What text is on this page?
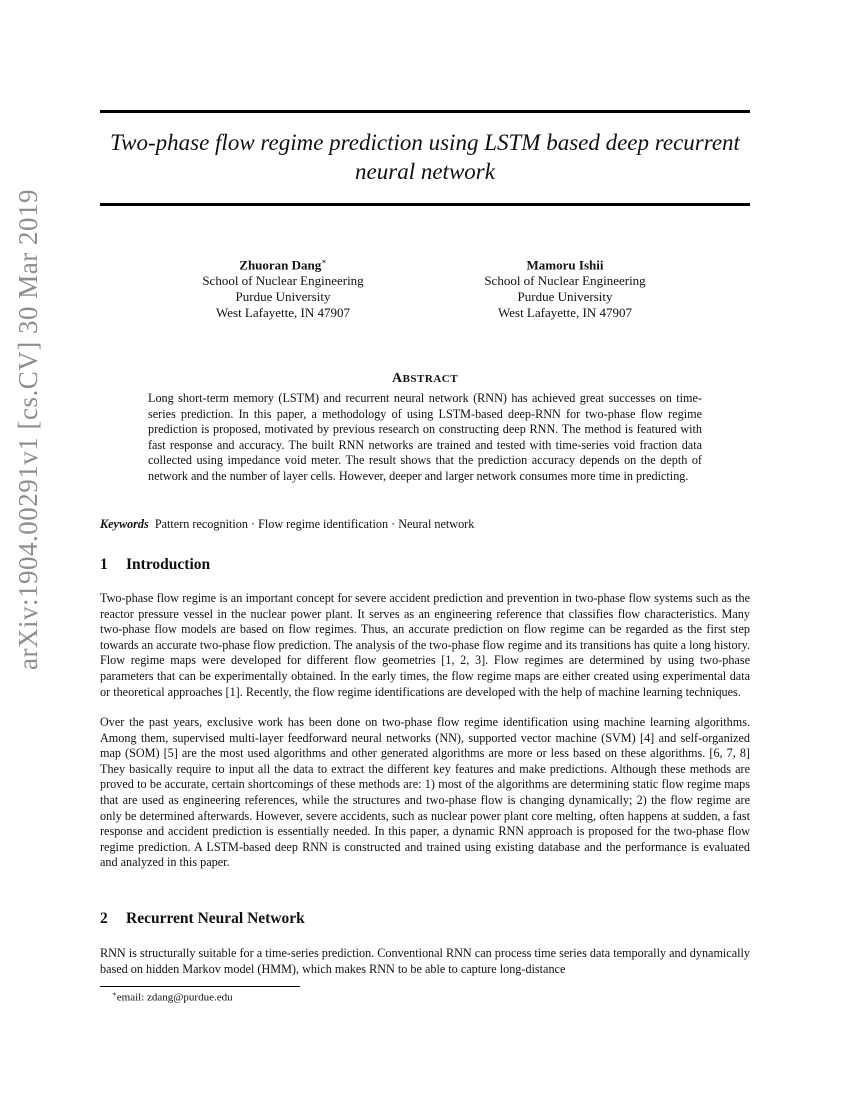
arXiv:1904.00291v1 [cs.CV] 30 Mar 2019
Two-phase flow regime prediction using LSTM based deep recurrent neural network
Zhuoran Dang∗
School of Nuclear Engineering
Purdue University
West Lafayette, IN 47907
Mamoru Ishii
School of Nuclear Engineering
Purdue University
West Lafayette, IN 47907
ABSTRACT
Long short-term memory (LSTM) and recurrent neural network (RNN) has achieved great successes on time-series prediction. In this paper, a methodology of using LSTM-based deep-RNN for two-phase flow regime prediction is proposed, motivated by previous research on constructing deep RNN. The method is featured with fast response and accuracy. The built RNN networks are trained and tested with time-series void fraction data collected using impedance void meter. The result shows that the prediction accuracy depends on the depth of network and the number of layer cells. However, deeper and larger network consumes more time in predicting.
Keywords Pattern recognition · Flow regime identification · Neural network
1 Introduction
Two-phase flow regime is an important concept for severe accident prediction and prevention in two-phase flow systems such as the reactor pressure vessel in the nuclear power plant. It serves as an engineering reference that classifies flow characteristics. Many two-phase flow models are based on flow regimes. Thus, an accurate prediction on flow regime can be regarded as the first step towards an accurate two-phase flow prediction. The analysis of the two-phase flow regime and its transitions has quite a long history. Flow regime maps were developed for different flow geometries [1, 2, 3]. Flow regimes are determined by using two-phase parameters that can be experimentally obtained. In the early times, the flow regime maps are either created using experimental data or theoretical approaches [1]. Recently, the flow regime identifications are developed with the help of machine learning techniques.
Over the past years, exclusive work has been done on two-phase flow regime identification using machine learning algorithms. Among them, supervised multi-layer feedforward neural networks (NN), supported vector machine (SVM) [4] and self-organized map (SOM) [5] are the most used algorithms and other generated algorithms are more or less based on these algorithms. [6, 7, 8] They basically require to input all the data to extract the different key features and make predictions. Although these methods are proved to be accurate, certain shortcomings of these methods are: 1) most of the algorithms are determining static flow regime maps that are used as engineering references, while the structures and two-phase flow is changing dynamically; 2) the flow regime are only be determined afterwards. However, severe accidents, such as nuclear power plant core melting, often happens at sudden, a fast response and accident prediction is essentially needed. In this paper, a dynamic RNN approach is proposed for the two-phase flow regime prediction. A LSTM-based deep RNN is constructed and trained using existing database and the performance is evaluated and analyzed in this paper.
2 Recurrent Neural Network
RNN is structurally suitable for a time-series prediction. Conventional RNN can process time series data temporally and dynamically based on hidden Markov model (HMM), which makes RNN to be able to capture long-distance
∗email: zdang@purdue.edu
